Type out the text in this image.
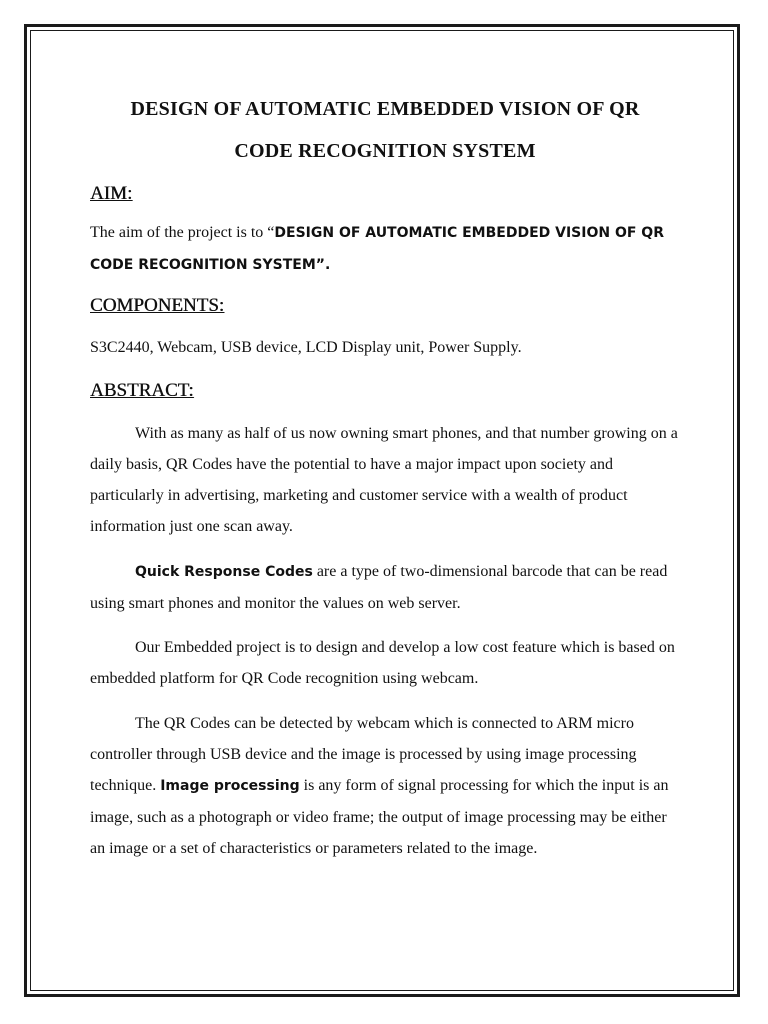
DESIGN OF AUTOMATIC EMBEDDED VISION OF QR
CODE RECOGNITION SYSTEM
AIM:

The aim of the project is to “DESIGN OF AUTOMATIC EMBEDDED VISION OF QR CODE RECOGNITION SYSTEM”.

COMPONENTS:

S3C2440, Webcam, USB device, LCD Display unit, Power Supply.

ABSTRACT:

With as many as half of us now owning smart phones, and that number growing on a daily basis, QR Codes have the potential to have a major impact upon society and particularly in advertising, marketing and customer service with a wealth of product information just one scan away.

Quick Response Codes are a type of two-dimensional barcode that can be read using smart phones and monitor the values on web server.

Our Embedded project is to design and develop a low cost feature which is based on embedded platform for QR Code recognition using webcam.

The QR Codes can be detected by webcam which is connected to ARM micro controller through USB device and the image is processed by using image processing technique. Image processing is any form of signal processing for which the input is an image, such as a photograph or video frame; the output of image processing may be either an image or a set of characteristics or parameters related to the image.
